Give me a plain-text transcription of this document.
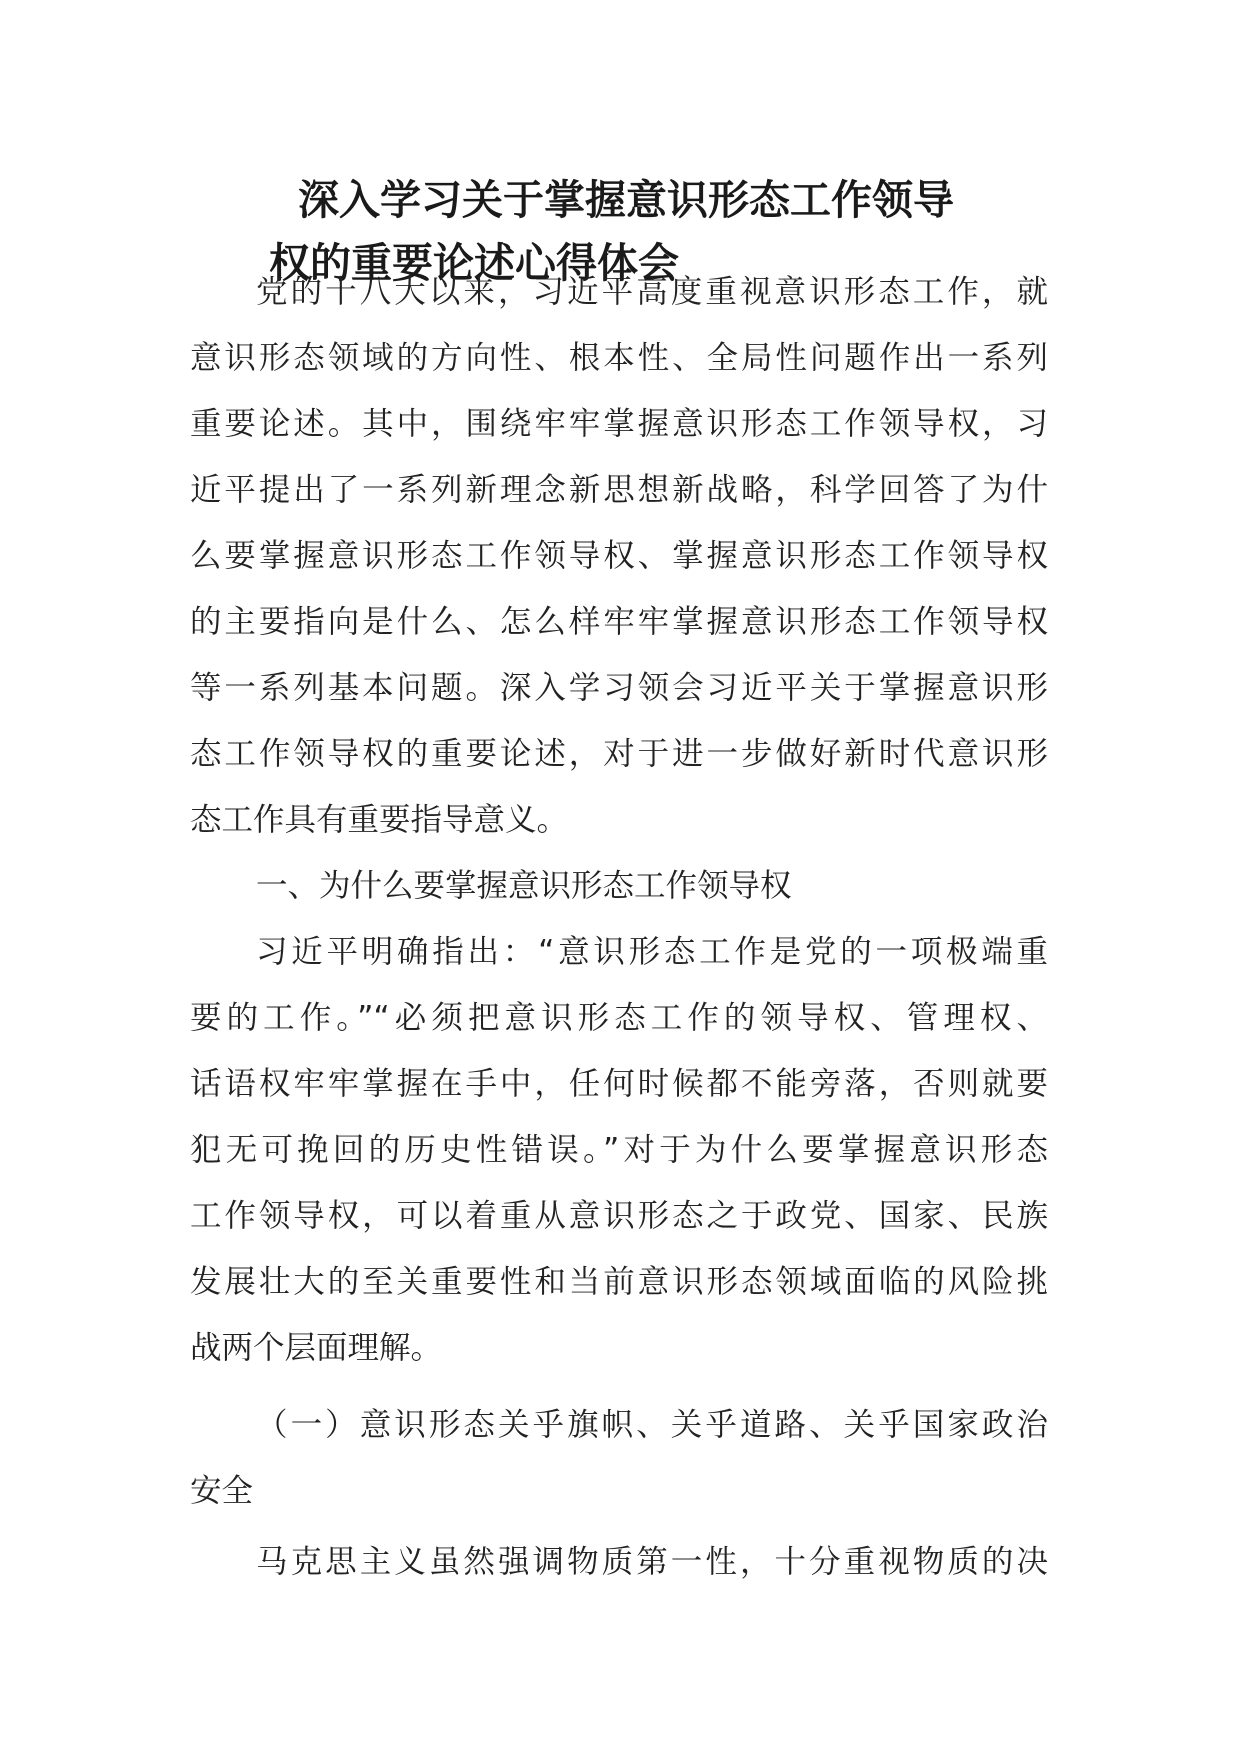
深入学习关于掌握意识形态工作领导
权的重要论述心得体会

党的十八大以来，习近平高度重视意识形态工作，就

意识形态领域的方向性、根本性、全局性问题作出一系列

重要论述。其中，围绕牢牢掌握意识形态工作领导权，习

近平提出了一系列新理念新思想新战略，科学回答了为什

么要掌握意识形态工作领导权、掌握意识形态工作领导权

的主要指向是什么、怎么样牢牢掌握意识形态工作领导权

等一系列基本问题。深入学习领会习近平关于掌握意识形

态工作领导权的重要论述，对于进一步做好新时代意识形

态工作具有重要指导意义。

一、为什么要掌握意识形态工作领导权

习近平明确指出：“意识形态工作是党的一项极端重

要的工作。”“必须把意识形态工作的领导权、管理权、

话语权牢牢掌握在手中，任何时候都不能旁落，否则就要

犯无可挽回的历史性错误。”对于为什么要掌握意识形态

工作领导权，可以着重从意识形态之于政党、国家、民族

发展壮大的至关重要性和当前意识形态领域面临的风险挑

战两个层面理解。

（一）意识形态关乎旗帜、关乎道路、关乎国家政治

安全

马克思主义虽然强调物质第一性，十分重视物质的决
